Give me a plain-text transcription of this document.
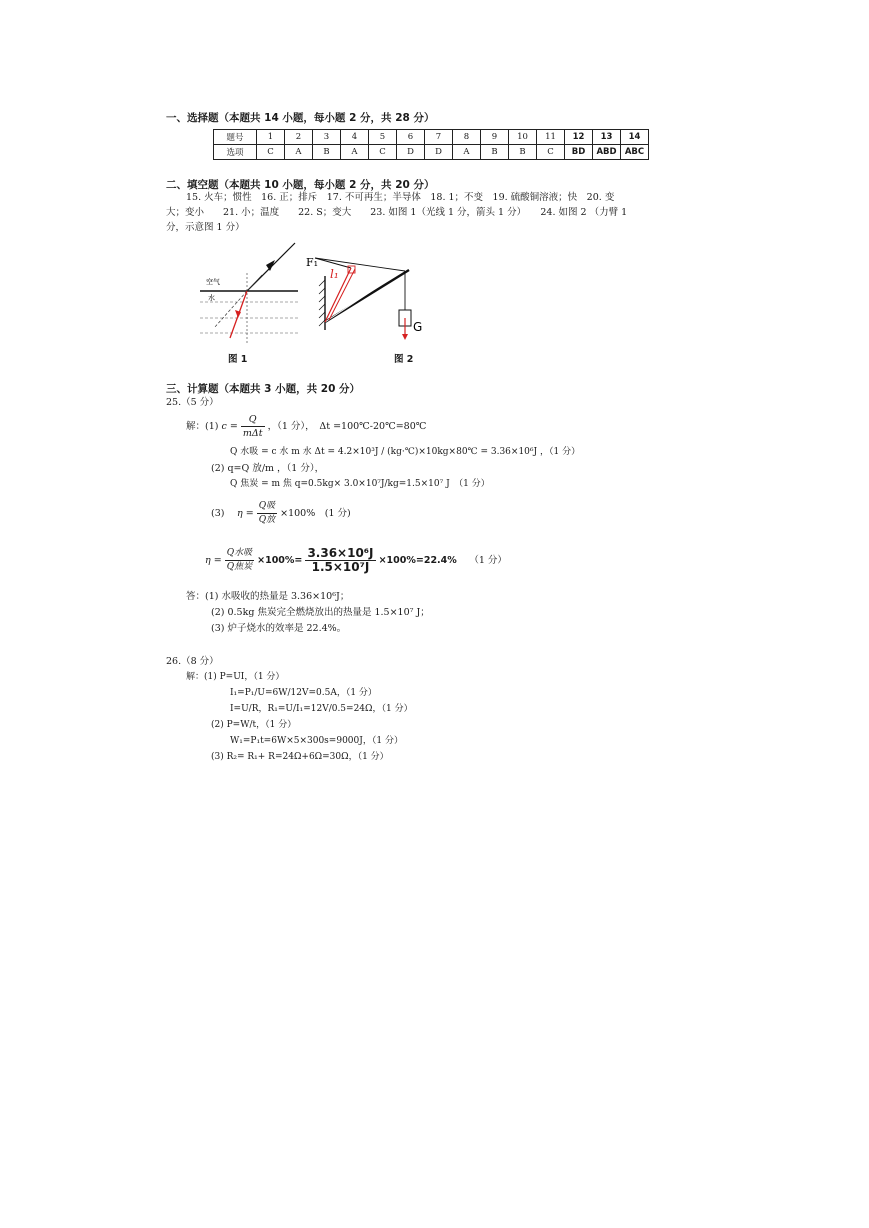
一、选择题（本题共 14 小题，每小题 2 分，共 28 分）
题号	1	2	3	4	5	6	7	8	9	10	11	12	13	14
选项	C	A	B	A	C	D	D	A	B	B	C	BD	ABD	ABC
二、填空题（本题共 10 小题，每小题 2 分，共 20 分）
15. 火车；惯性　16. 正；排斥　17. 不可再生；半导体　18. 1；不变　19. 硫酸铜溶液；快　20. 变
大；变小　　21. 小；温度　　22. S；变大　　23. 如图 1（光线 1 分，箭头 1 分）　　24. 如图 2 （力臂 1
分，示意图 1 分）
空气
水
图 1
F₁
l₁
G
图 2
三、计算题（本题共 3 小题，共 20 分）
25.（5 分）
解：(1) $c = \frac{Q}{\text{mΔt}}$ ，（1 分），　Δt =100℃-20℃=80℃
Q 水吸 = c 水 m 水 Δt = 4.2×10³J / (kg·℃)×10kg×80℃ = 3.36×10⁶J ，（1 分）
(2) q=Q 放/m ，（1 分），
Q 焦炭 = m 焦 q=0.5kg× 3.0×10⁷J/kg=1.5×10⁷ J　（1 分）
(3)　 $\eta = \frac{\text{Q吸}}{\text{Q放}} \times 100\%$　(1 分)
$\eta = \frac{\text{Q水吸}}{\text{Q焦炭}} \times 100\%= \frac{\text{3.36×10⁶J}}{\text{1.5×10⁷J}} \times 100\%=22.4\%$　 （1 分）
答：(1) 水吸收的热量是 3.36×10⁶J；
(2) 0.5kg 焦炭完全燃烧放出的热量是 1.5×10⁷ J；
(3) 炉子烧水的效率是 22.4%。
26.（8 分）
解：(1) P=UI，（1 分）
I₁=P₁/U=6W/12V=0.5A，（1 分）
I=U/R，R₁=U/I₁=12V/0.5=24Ω，（1 分）
(2) P=W/t，（1 分）
W₁=P₁t=6W×5×300s=9000J，（1 分）
(3) R₂= R₁+ R=24Ω+6Ω=30Ω，（1 分）
